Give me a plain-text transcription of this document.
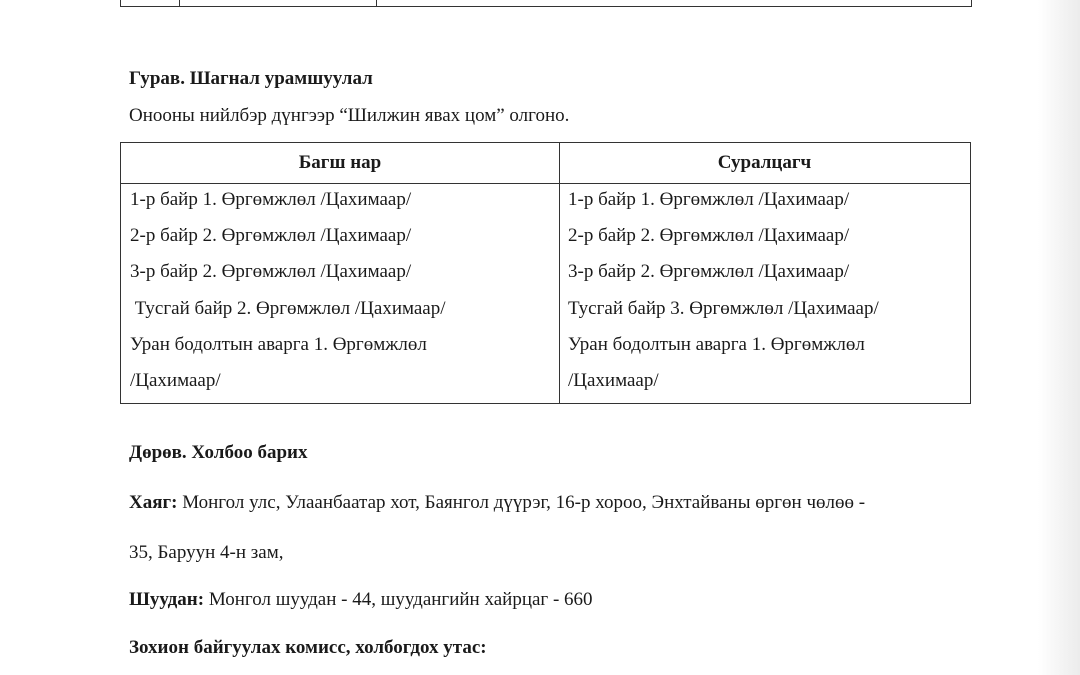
Гурав. Шагнал урамшуулал
Онооны нийлбэр дүнгээр “Шилжин явах цом” олгоно.
Багш нар	Суралцагч
1-р байр 1. Өргөмжлөл /Цахимаар/
2-р байр 2. Өргөмжлөл /Цахимаар/
3-р байр 2. Өргөмжлөл /Цахимаар/
Тусгай байр 2. Өргөмжлөл /Цахимаар/
Уран бодолтын аварга 1. Өргөмжлөл
/Цахимаар/
1-р байр 1. Өргөмжлөл /Цахимаар/
2-р байр 2. Өргөмжлөл /Цахимаар/
3-р байр 2. Өргөмжлөл /Цахимаар/
Тусгай байр 3. Өргөмжлөл /Цахимаар/
Уран бодолтын аварга 1. Өргөмжлөл
/Цахимаар/
Дөрөв. Холбоо барих
Хаяг: Монгол улс, Улаанбаатар хот, Баянгол дүүрэг, 16-р хороо, Энхтайваны өргөн чөлөө -
35, Баруун 4-н зам,
Шуудан: Монгол шуудан - 44, шуудангийн хайрцаг - 660
Зохион байгуулах комисс, холбогдох утас:
